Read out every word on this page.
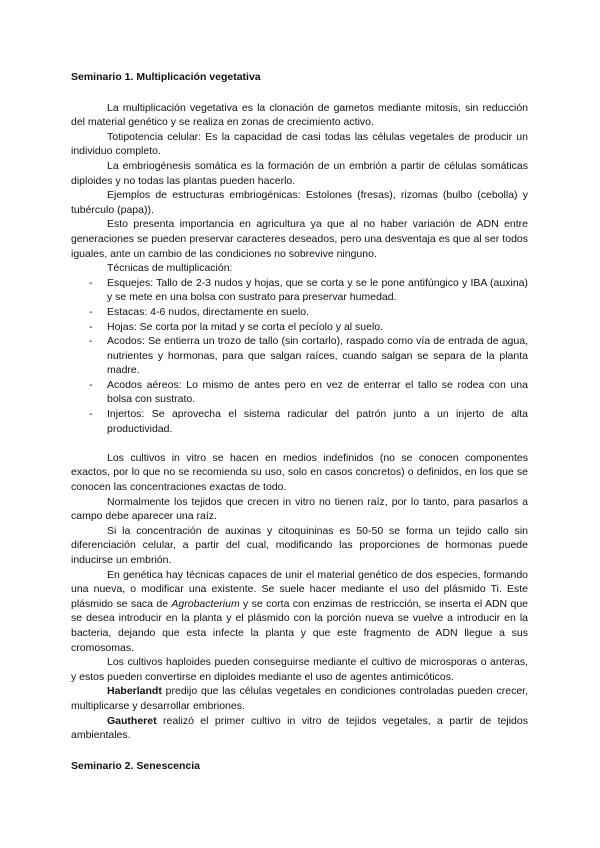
Seminario 1. Multiplicación vegetativa

La multiplicación vegetativa es la clonación de gametos mediante mitosis, sin reducción del material genético y se realiza en zonas de crecimiento activo.

Totipotencia celular: Es la capacidad de casi todas las células vegetales de producir un individuo completo.

La embriogénesis somática es la formación de un embrión a partir de células somáticas diploides y no todas las plantas pueden hacerlo.

Ejemplos de estructuras embriogénicas: Estolones (fresas), rizomas (bulbo (cebolla) y tubérculo (papa)).

Esto presenta importancia en agricultura ya que al no haber variación de ADN entre generaciones se pueden preservar caracteres deseados, pero una desventaja es que al ser todos iguales, ante un cambio de las condiciones no sobrevive ninguno.

Técnicas de multiplicación:

- Esquejes: Tallo de 2-3 nudos y hojas, que se corta y se le pone antifúngico y IBA (auxina) y se mete en una bolsa con sustrato para preservar humedad.
- Estacas: 4-6 nudos, directamente en suelo.
- Hojas: Se corta por la mitad y se corta el pecíolo y al suelo.
- Acodos: Se entierra un trozo de tallo (sin cortarlo), raspado como vía de entrada de agua, nutrientes y hormonas, para que salgan raíces, cuando salgan se separa de la planta madre.
- Acodos aéreos: Lo mismo de antes pero en vez de enterrar el tallo se rodea con una bolsa con sustrato.
- Injertos: Se aprovecha el sistema radicular del patrón junto a un injerto de alta productividad.

Los cultivos in vitro se hacen en medios indefinidos (no se conocen componentes exactos, por lo que no se recomienda su uso, solo en casos concretos) o definidos, en los que se conocen las concentraciones exactas de todo.

Normalmente los tejidos que crecen in vitro no tienen raíz, por lo tanto, para pasarlos a campo debe aparecer una raíz.

Si la concentración de auxinas y citoquininas es 50-50 se forma un tejido callo sin diferenciación celular, a partir del cual, modificando las proporciones de hormonas puede inducirse un embrión.

En genética hay técnicas capaces de unir el material genético de dos especies, formando una nueva, o modificar una existente. Se suele hacer mediante el uso del plásmido Ti. Este plásmido se saca de Agrobacterium y se corta con enzimas de restricción, se inserta el ADN que se desea introducir en la planta y el plásmido con la porción nueva se vuelve a introducir en la bacteria, dejando que esta infecte la planta y que este fragmento de ADN llegue a sus cromosomas.

Los cultivos haploides pueden conseguirse mediante el cultivo de microsporas o anteras, y estos pueden convertirse en diploides mediante el uso de agentes antimicóticos.

Haberlandt predijo que las células vegetales en condiciones controladas pueden crecer, multiplicarse y desarrollar embriones.

Gautheret realizó el primer cultivo in vitro de tejidos vegetales, a partir de tejidos ambientales.

Seminario 2. Senescencia
